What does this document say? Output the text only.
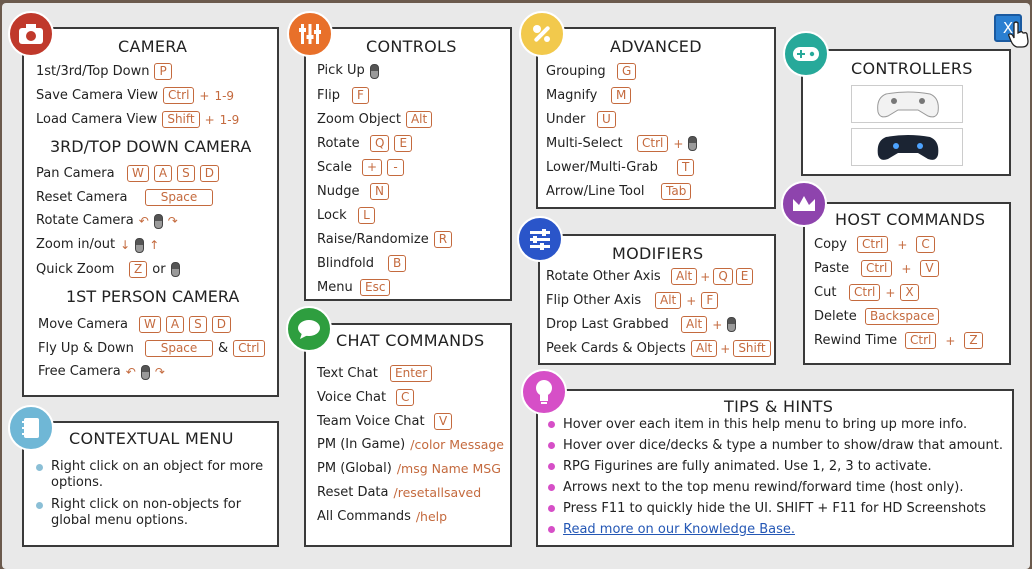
CAMERA
1st/3rd/Top Down P
Save Camera View Ctrl + 1-9
Load Camera View Shift + 1-9
3RD/TOP DOWN CAMERA
Pan Camera	W	A	S	D
Reset Camera	Space
Rotate Camera ↶ ↷
Zoom in/out ↓ ↑
Quick Zoom	Z or
1ST PERSON CAMERA
Move Camera	W	A	S	D
Fly Up & Down	Space	& Ctrl
Free Camera ↶ ↷
CONTROLS
Pick Up
Flip	F
Zoom Object Alt
Rotate	Q	E
Scale	+	-
Nudge	N
Lock	L
Raise/Randomize R
Blindfold	B
Menu	Esc
ADVANCED
Grouping	G
Magnify	M
Under	U
Multi-Select	Ctrl +
Lower/Multi-Grab	T
Arrow/Line Tool	Tab
CONTROLLERS
MODIFIERS
Rotate Other Axis	Alt + Q	E
Flip Other Axis	Alt + F
Drop Last Grabbed	Alt +
Peek Cards & Objects Alt + Shift
HOST COMMANDS
Copy	Ctrl	+	C
Paste	Ctrl	+	V
Cut	Ctrl + X
Delete	Backspace
Rewind Time	Ctrl	+	Z
CHAT COMMANDS
Text Chat	Enter
Voice Chat	C
Team Voice Chat	V
PM (In Game) /color Message
PM (Global) /msg Name MSG
Reset Data /resetallsaved
All Commands /help
CONTEXTUAL MENU
Right click on an object for more
options.
Right click on non-objects for
global menu options.
TIPS & HINTS
Hover over each item in this help menu to bring up more info.
Hover over dice/decks & type a number to show/draw that amount.
RPG Figurines are fully animated. Use 1, 2, 3 to activate.
Arrows next to the top menu rewind/forward time (host only).
Press F11 to quickly hide the UI. SHIFT + F11 for HD Screenshots
Read more on our Knowledge Base.
X
